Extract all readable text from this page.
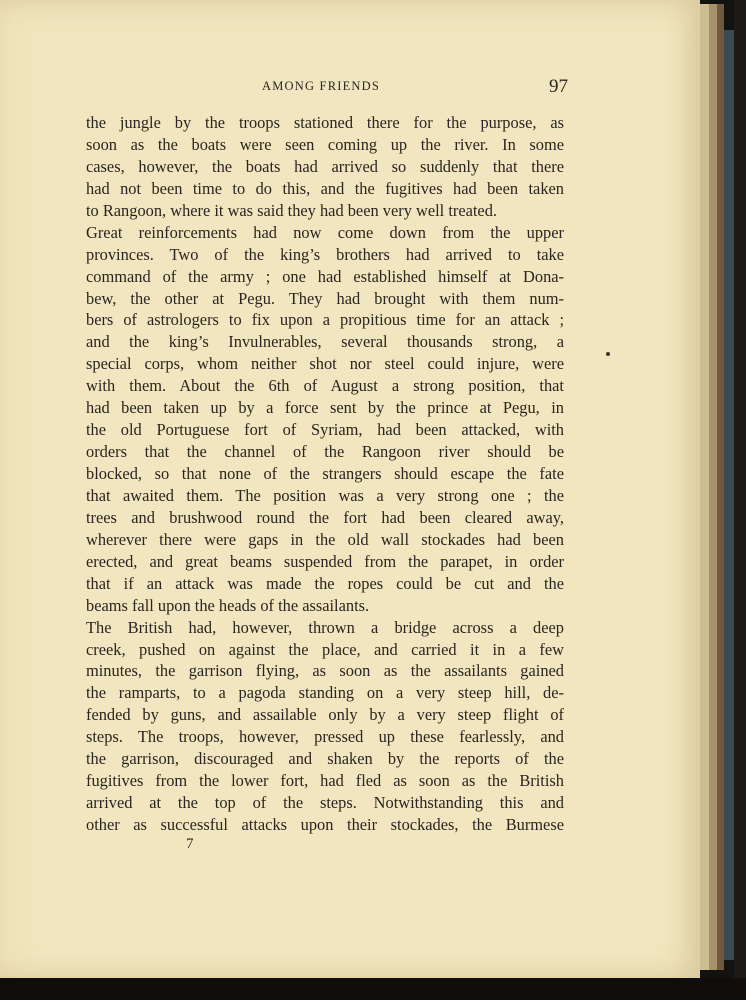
AMONG FRIENDS	97
the jungle by the troops stationed there for the purpose, as
soon as the boats were seen coming up the river. In some
cases, however, the boats had arrived so suddenly that there
had not been time to do this, and the fugitives had been taken
to Rangoon, where it was said they had been very well treated.
Great reinforcements had now come down from the upper
provinces. Two of the king’s brothers had arrived to take
command of the army ; one had established himself at Dona-
bew, the other at Pegu. They had brought with them num-
bers of astrologers to fix upon a propitious time for an attack ;
and the king’s Invulnerables, several thousands strong, a
special corps, whom neither shot nor steel could injure, were
with them. About the 6th of August a strong position, that
had been taken up by a force sent by the prince at Pegu, in
the old Portuguese fort of Syriam, had been attacked, with
orders that the channel of the Rangoon river should be
blocked, so that none of the strangers should escape the fate
that awaited them. The position was a very strong one ; the
trees and brushwood round the fort had been cleared away,
wherever there were gaps in the old wall stockades had been
erected, and great beams suspended from the parapet, in order
that if an attack was made the ropes could be cut and the
beams fall upon the heads of the assailants.
The British had, however, thrown a bridge across a deep
creek, pushed on against the place, and carried it in a few
minutes, the garrison flying, as soon as the assailants gained
the ramparts, to a pagoda standing on a very steep hill, de-
fended by guns, and assailable only by a very steep flight of
steps. The troops, however, pressed up these fearlessly, and
the garrison, discouraged and shaken by the reports of the
fugitives from the lower fort, had fled as soon as the British
arrived at the top of the steps. Notwithstanding this and
other as successful attacks upon their stockades, the Burmese
7
